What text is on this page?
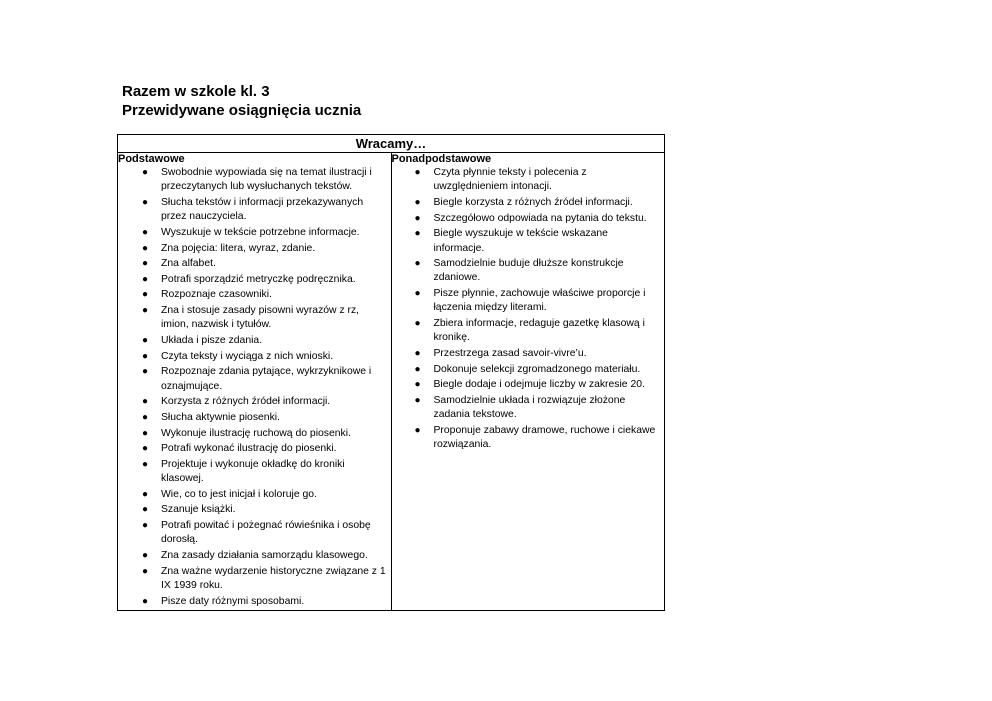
Razem w szkole kl. 3
Przewidywane osiągnięcia ucznia
Wracamy…

Podstawowe
● Swobodnie wypowiada się na temat ilustracji i przeczytanych lub wysłuchanych tekstów.
● Słucha tekstów i informacji przekazywanych przez nauczyciela.
● Wyszukuje w tekście potrzebne informacje.
● Zna pojęcia: litera, wyraz, zdanie.
● Zna alfabet.
● Potrafi sporządzić metryczkę podręcznika.
● Rozpoznaje czasowniki.
● Zna i stosuje zasady pisowni wyrazów z rz, imion, nazwisk i tytułów.
● Układa i pisze zdania.
● Czyta teksty i wyciąga z nich wnioski.
● Rozpoznaje zdania pytające, wykrzyknikowe i oznajmujące.
● Korzysta z różnych źródeł informacji.
● Słucha aktywnie piosenki.
● Wykonuje ilustrację ruchową do piosenki.
● Potrafi wykonać ilustrację do piosenki.
● Projektuje i wykonuje okładkę do kroniki klasowej.
● Wie, co to jest inicjał i koloruje go.
● Szanuje książki.
● Potrafi powitać i pożegnać rówieśnika i osobę dorosłą.
● Zna zasady działania samorządu klasowego.
● Zna ważne wydarzenie historyczne związane z 1 IX 1939 roku.
● Pisze daty różnymi sposobami.

Ponadpodstawowe
● Czyta płynnie teksty i polecenia z uwzględnieniem intonacji.
● Biegle korzysta z różnych źródeł informacji.
● Szczegółowo odpowiada na pytania do tekstu.
● Biegle wyszukuje w tekście wskazane informacje.
● Samodzielnie buduje dłuższe konstrukcje zdaniowe.
● Pisze płynnie, zachowuje właściwe proporcje i łączenia między literami.
● Zbiera informacje, redaguje gazetkę klasową i kronikę.
● Przestrzega zasad savoir-vivre’u.
● Dokonuje selekcji zgromadzonego materiału.
● Biegle dodaje i odejmuje liczby w zakresie 20.
● Samodzielnie układa i rozwiązuje złożone zadania tekstowe.
● Proponuje zabawy dramowe, ruchowe i ciekawe rozwiązania.
